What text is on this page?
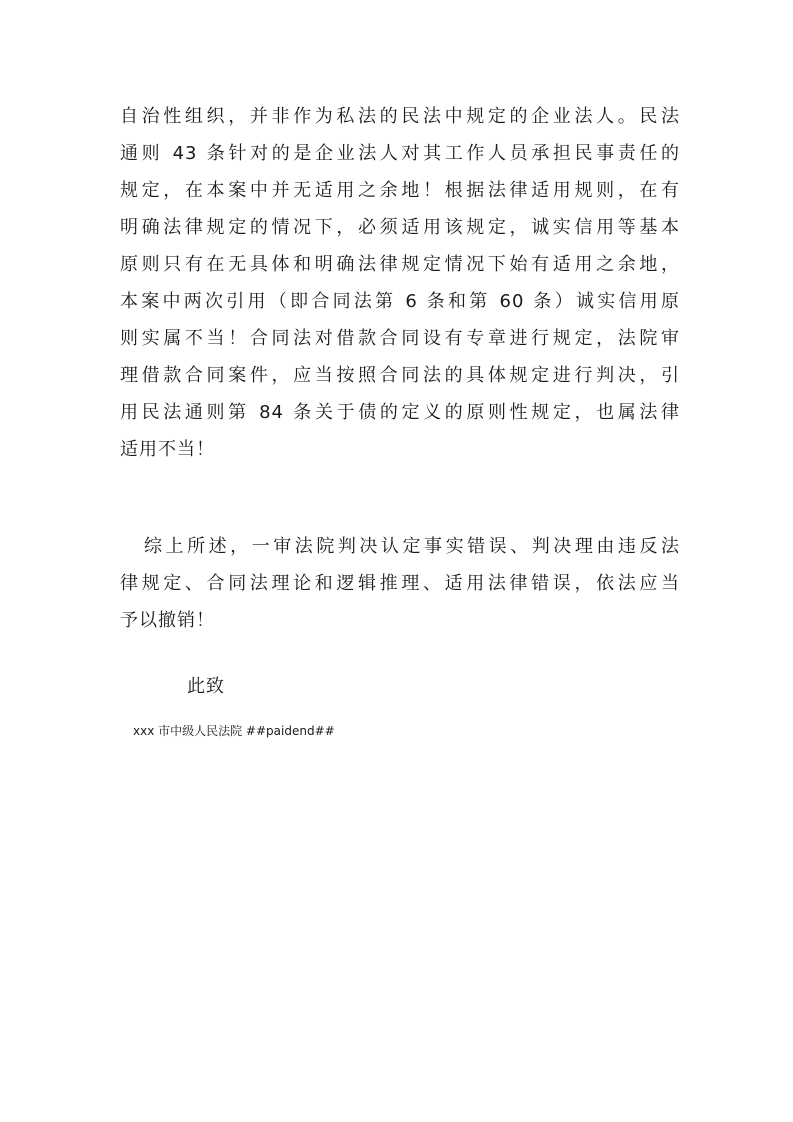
自治性组织，并非作为私法的民法中规定的企业法人。民法
通则 43 条针对的是企业法人对其工作人员承担民事责任的
规定，在本案中并无适用之余地！根据法律适用规则，在有
明确法律规定的情况下，必须适用该规定，诚实信用等基本
原则只有在无具体和明确法律规定情况下始有适用之余地，
本案中两次引用（即合同法第 6 条和第 60 条）诚实信用原
则实属不当！合同法对借款合同设有专章进行规定，法院审
理借款合同案件，应当按照合同法的具体规定进行判决，引
用民法通则第 84 条关于债的定义的原则性规定，也属法律
适用不当！
综上所述，一审法院判决认定事实错误、判决理由违反法
律规定、合同法理论和逻辑推理、适用法律错误，依法应当
予以撤销！

此致

xxx 市中级人民法院 ##paidend##
